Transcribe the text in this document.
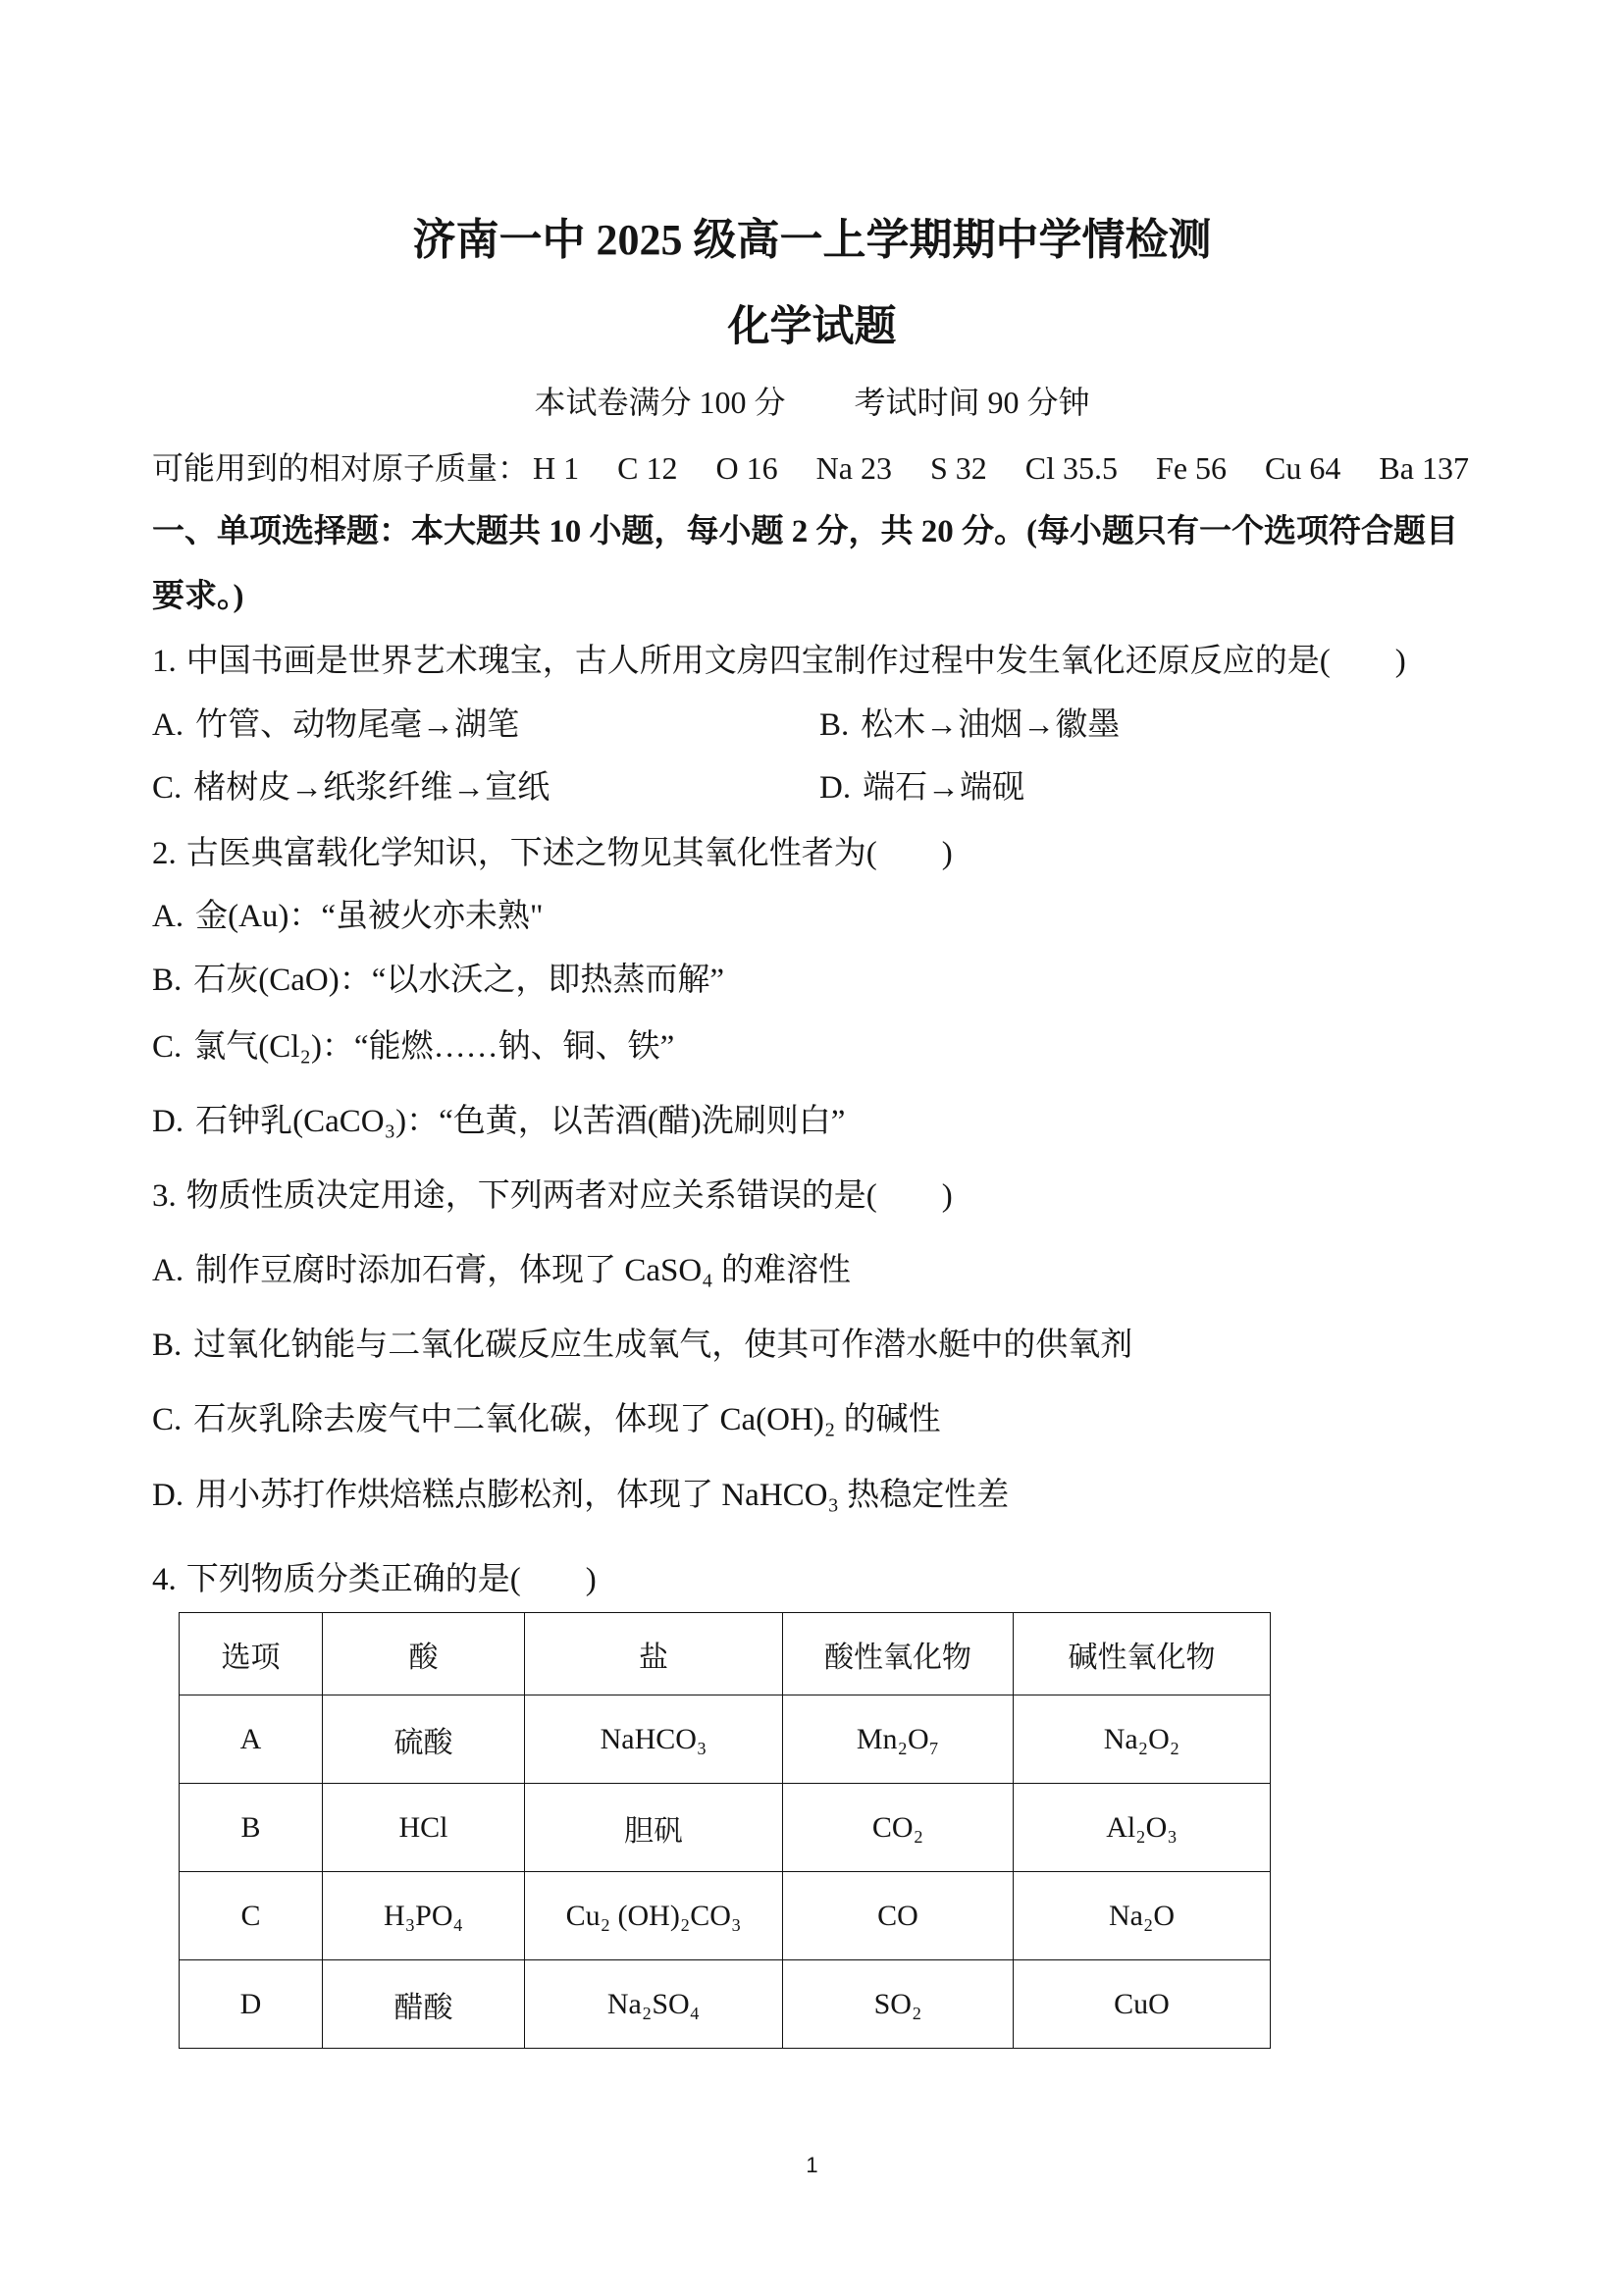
济南一中 2025 级高一上学期期中学情检测
化学试题
本试卷满分 100 分 考试时间 90 分钟
可能用到的相对原子质量： H 1 C 12 O 16 Na 23 S 32 Cl 35.5 Fe 56 Cu 64 Ba 137
一、单项选择题：本大题共 10 小题，每小题 2 分，共 20 分。(每小题只有一个选项符合题目
要求。)
1. 中国书画是世界艺术瑰宝，古人所用文房四宝制作过程中发生氧化还原反应的是(　　)
A. 竹管、动物尾毫→湖笔	B. 松木→油烟→徽墨
C. 楮树皮→纸浆纤维→宣纸	D. 端石→端砚
2. 古医典富载化学知识，下述之物见其氧化性者为(　　)
A. 金(Au)：“虽被火亦未熟"
B. 石灰(CaO)：“以水沃之，即热蒸而解”
C. 氯气(Cl₂)：“能燃……钠、铜、铁”
D. 石钟乳(CaCO₃)：“色黄，以苦酒(醋)洗刷则白”
3. 物质性质决定用途，下列两者对应关系错误的是(　　)
A. 制作豆腐时添加石膏，体现了 CaSO₄ 的难溶性
B. 过氧化钠能与二氧化碳反应生成氧气，使其可作潜水艇中的供氧剂
C. 石灰乳除去废气中二氧化碳，体现了 Ca(OH)₂ 的碱性
D. 用小苏打作烘焙糕点膨松剂，体现了 NaHCO₃ 热稳定性差
4. 下列物质分类正确的是(　　)
选项	酸	盐	酸性氧化物	碱性氧化物
A	硫酸	NaHCO₃	Mn₂O₇	Na₂O₂
B	HCl	胆矾	CO₂	Al₂O₃
C	H₃PO₄	Cu₂ (OH)₂CO₃	CO	Na₂O
D	醋酸	Na₂SO₄	SO₂	CuO
1
